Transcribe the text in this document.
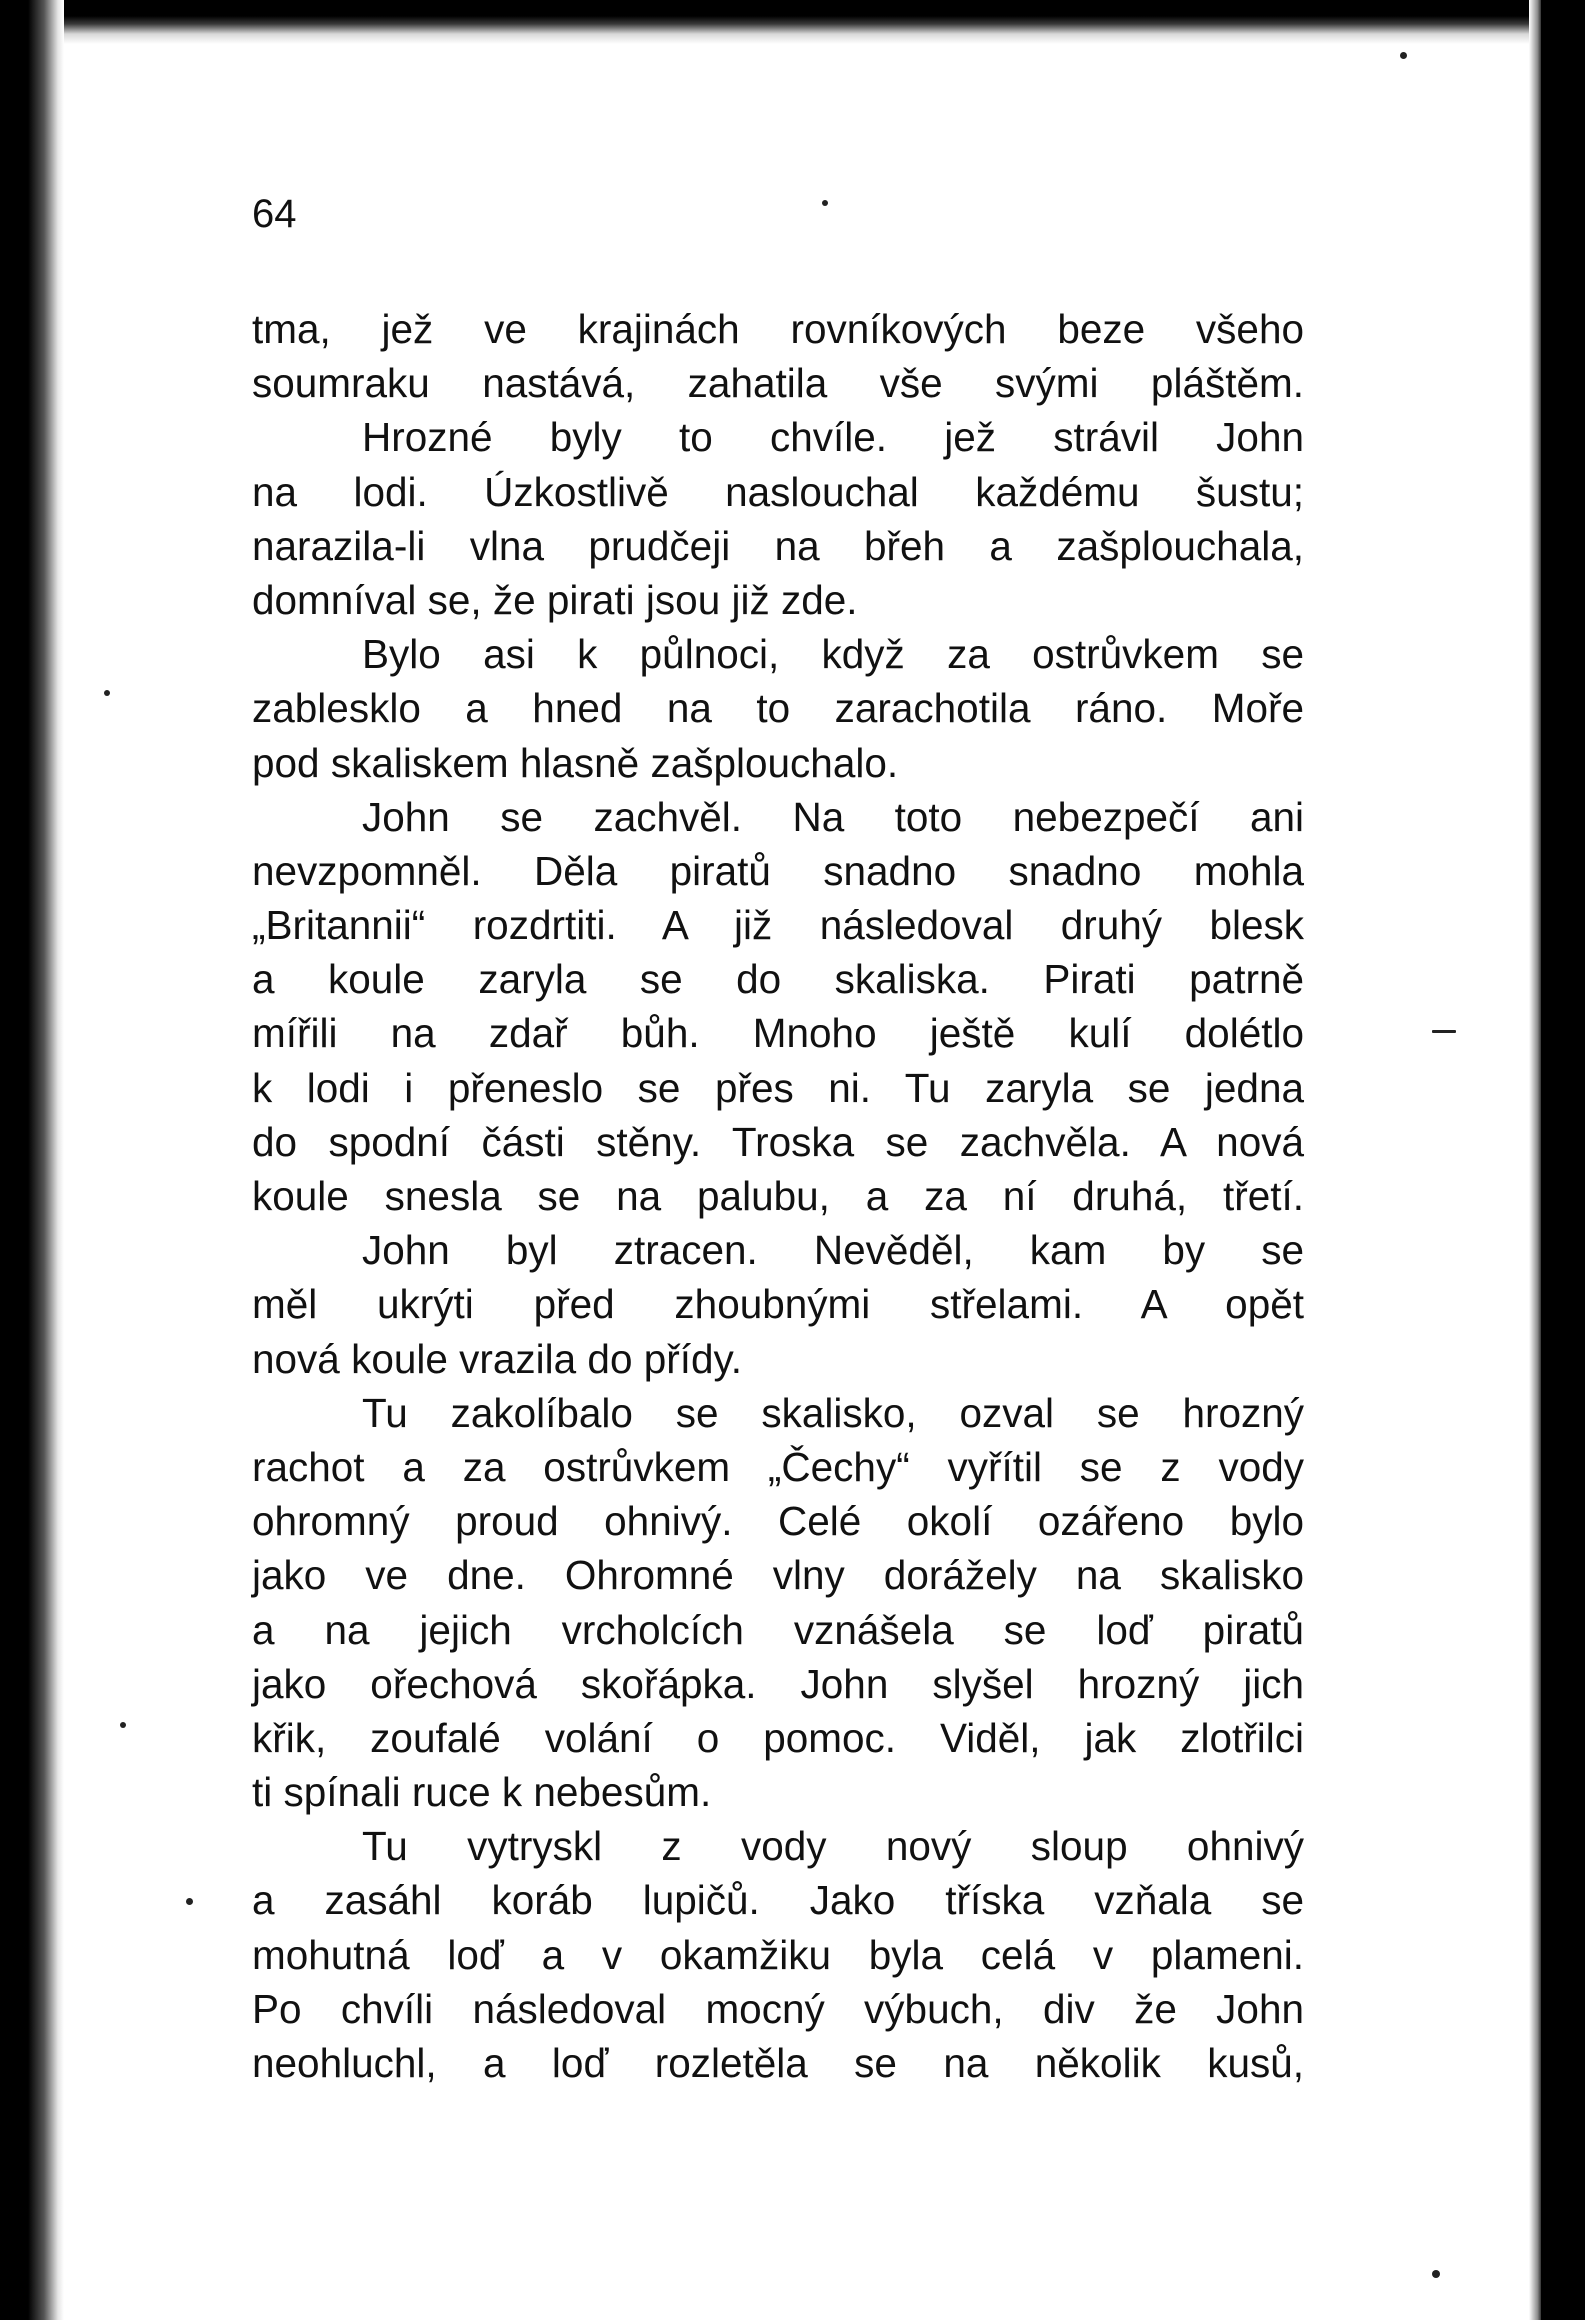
64
tma, jež ve krajinách rovníkových beze všeho
soumraku nastává, zahatila vše svými pláštěm.
Hrozné byly to chvíle. jež strávil John
na lodi. Úzkostlivě naslouchal každému šustu;
narazila-li vlna prudčeji na břeh a zašplouchala,
domníval se, že pirati jsou již zde.
Bylo asi k půlnoci, když za ostrůvkem se
zablesklo a hned na to zarachotila ráno. Moře
pod skaliskem hlasně zašplouchalo.
John se zachvěl. Na toto nebezpečí ani
nevzpomněl. Děla piratů snadno snadno mohla
„Britannii“ rozdrtiti. A již následoval druhý blesk
a koule zaryla se do skaliska. Pirati patrně
mířili na zdař bůh. Mnoho ještě kulí dolétlo
k lodi i přeneslo se přes ni. Tu zaryla se jedna
do spodní části stěny. Troska se zachvěla. A nová
koule snesla se na palubu, a za ní druhá, třetí.
John byl ztracen. Nevěděl, kam by se
měl ukrýti před zhoubnými střelami. A opět
nová koule vrazila do přídy.
Tu zakolíbalo se skalisko, ozval se hrozný
rachot a za ostrůvkem „Čechy“ vyřítil se z vody
ohromný proud ohnivý. Celé okolí ozářeno bylo
jako ve dne. Ohromné vlny dorážely na skalisko
a na jejich vrcholcích vznášela se loď piratů
jako ořechová skořápka. John slyšel hrozný jich
křik, zoufalé volání o pomoc. Viděl, jak zlotřilci
ti spínali ruce k nebesům.
Tu vytryskl z vody nový sloup ohnivý
a zasáhl koráb lupičů. Jako tříska vzňala se
mohutná loď a v okamžiku byla celá v plameni.
Po chvíli následoval mocný výbuch, div že John
neohluchl, a loď rozletěla se na několik kusů,
